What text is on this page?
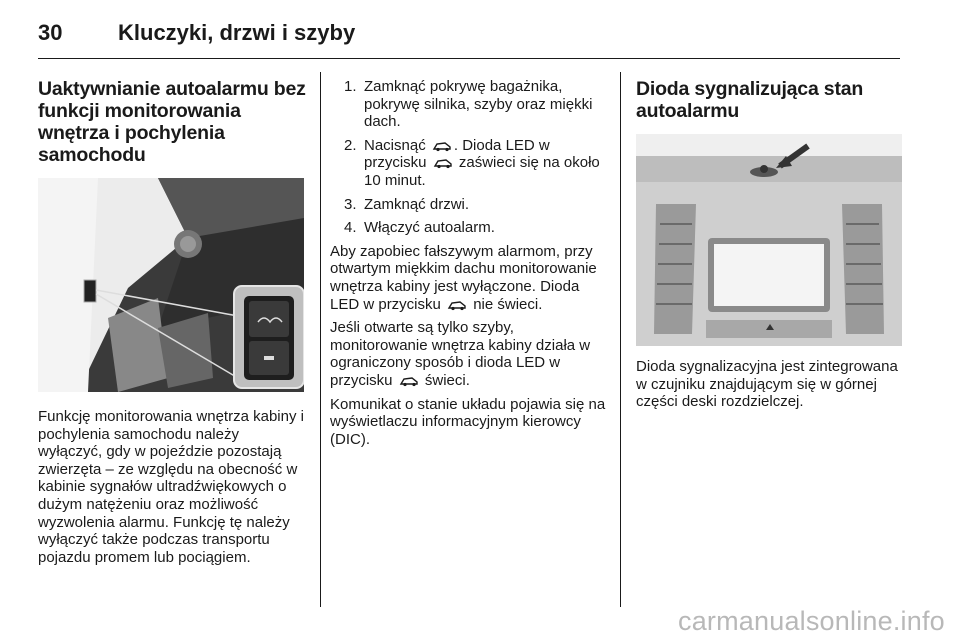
30	Kluczyki, drzwi i szyby
Uaktywnianie autoalarmu bez funkcji monitorowania wnętrza i pochylenia samochodu

Funkcję monitorowania wnętrza kabiny i pochylenia samochodu należy wyłączyć, gdy w pojeździe pozostają zwierzęta – ze względu na obecność w kabinie sygnałów ultradźwiękowych o dużym natężeniu oraz możliwość wyzwolenia alarmu. Funkcję tę należy wyłączyć także podczas transportu pojazdu promem lub pociągiem.

1. Zamknąć pokrywę bagażnika, pokrywę silnika, szyby oraz miękki dach.
2. Nacisnąć . Dioda LED w przycisku zaświeci się na około 10 minut.
3. Zamknąć drzwi.
4. Włączyć autoalarm.

Aby zapobiec fałszywym alarmom, przy otwartym miękkim dachu monitorowanie wnętrza kabiny jest wyłączone. Dioda LED w przycisku nie świeci.

Jeśli otwarte są tylko szyby, monitorowanie wnętrza kabiny działa w ograniczony sposób i dioda LED w przycisku świeci.

Komunikat o stanie układu pojawia się na wyświetlaczu informacyjnym kierowcy (DIC).

Dioda sygnalizująca stan autoalarmu

Dioda sygnalizacyjna jest zintegrowana w czujniku znajdującym się w górnej części deski rozdzielczej.

carmanualsonline.info
